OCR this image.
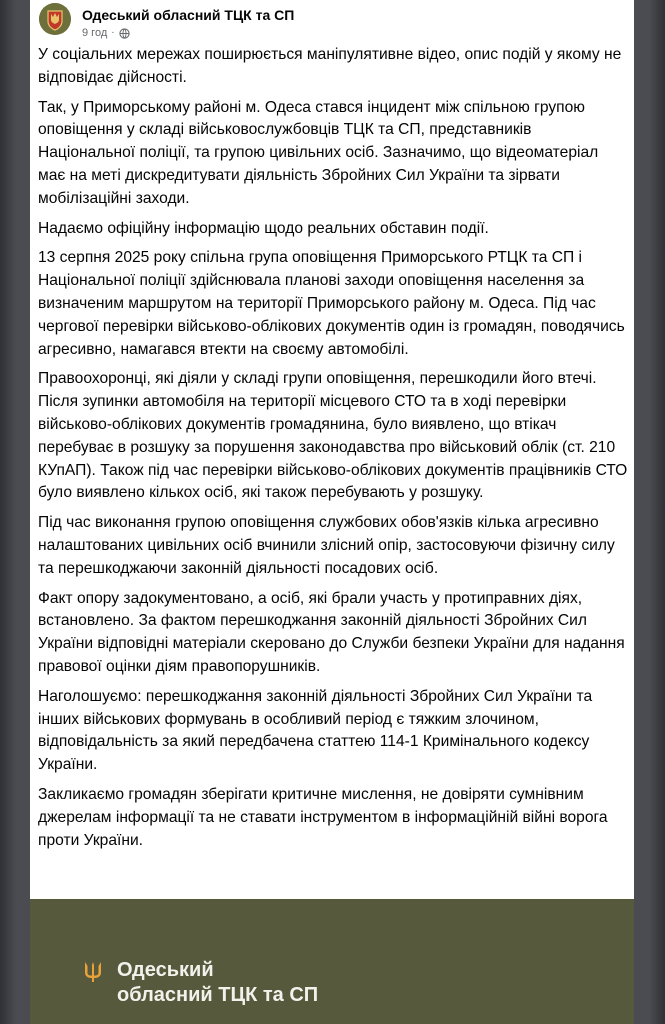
Одеський обласний ТЦК та СП
9 год ·

У соціальних мережах поширюється маніпулятивне відео, опис подій у якому не відповідає дійсності.

Так, у Приморському районі м. Одеса стався інцидент між спільною групою оповіщення у складі військовослужбовців ТЦК та СП, представників Національної поліції, та групою цивільних осіб. Зазначимо, що відеоматеріал має на меті дискредитувати діяльність Збройних Сил України та зірвати мобілізаційні заходи.

Надаємо офіційну інформацію щодо реальних обставин події.

13 серпня 2025 року спільна група оповіщення Приморського РТЦК та СП і Національної поліції здійснювала планові заходи оповіщення населення за визначеним маршрутом на території Приморського району м. Одеса. Під час чергової перевірки військово-облікових документів один із громадян, поводячись агресивно, намагався втекти на своєму автомобілі.

Правоохоронці, які діяли у складі групи оповіщення, перешкодили його втечі. Після зупинки автомобіля на території місцевого СТО та в ході перевірки військово-облікових документів громадянина, було виявлено, що втікач перебуває в розшуку за порушення законодавства про військовий облік (ст. 210 КУпАП). Також під час перевірки військово-облікових документів працівників СТО було виявлено кількох осіб, які також перебувають у розшуку.

Під час виконання групою оповіщення службових обов'язків кілька агресивно налаштованих цивільних осіб вчинили злісний опір, застосовуючи фізичну силу та перешкоджаючи законній діяльності посадових осіб.

Факт опору задокументовано, а осіб, які брали участь у протиправних діях, встановлено. За фактом перешкоджання законній діяльності Збройних Сил України відповідні матеріали скеровано до Служби безпеки України для надання правової оцінки діям правопорушників.

Наголошуємо: перешкоджання законній діяльності Збройних Сил України та інших військових формувань в особливий період є тяжким злочином, відповідальність за який передбачена статтею 114-1 Кримінального кодексу України.

Закликаємо громадян зберігати критичне мислення, не довіряти сумнівним джерелам інформації та не ставати інструментом в інформаційній війні ворога проти України.

Одеський
обласний ТЦК та СП
